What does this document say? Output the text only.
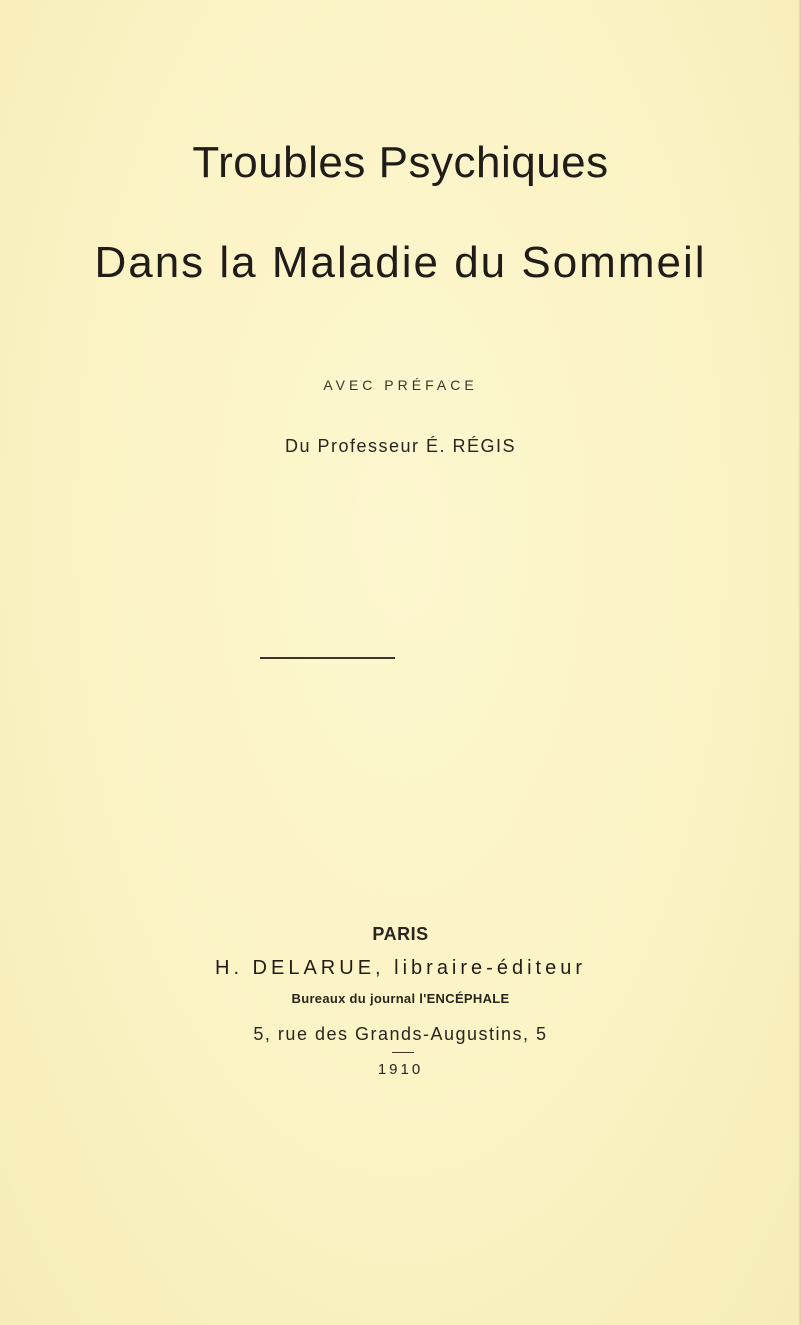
Troubles Psychiques
Dans la Maladie du Sommeil
AVEC PRÉFACE
Du Professeur É. RÉGIS
PARIS
H. DELARUE, libraire-éditeur
Bureaux du journal l'ENCÉPHALE
5, rue des Grands-Augustins, 5
1910
